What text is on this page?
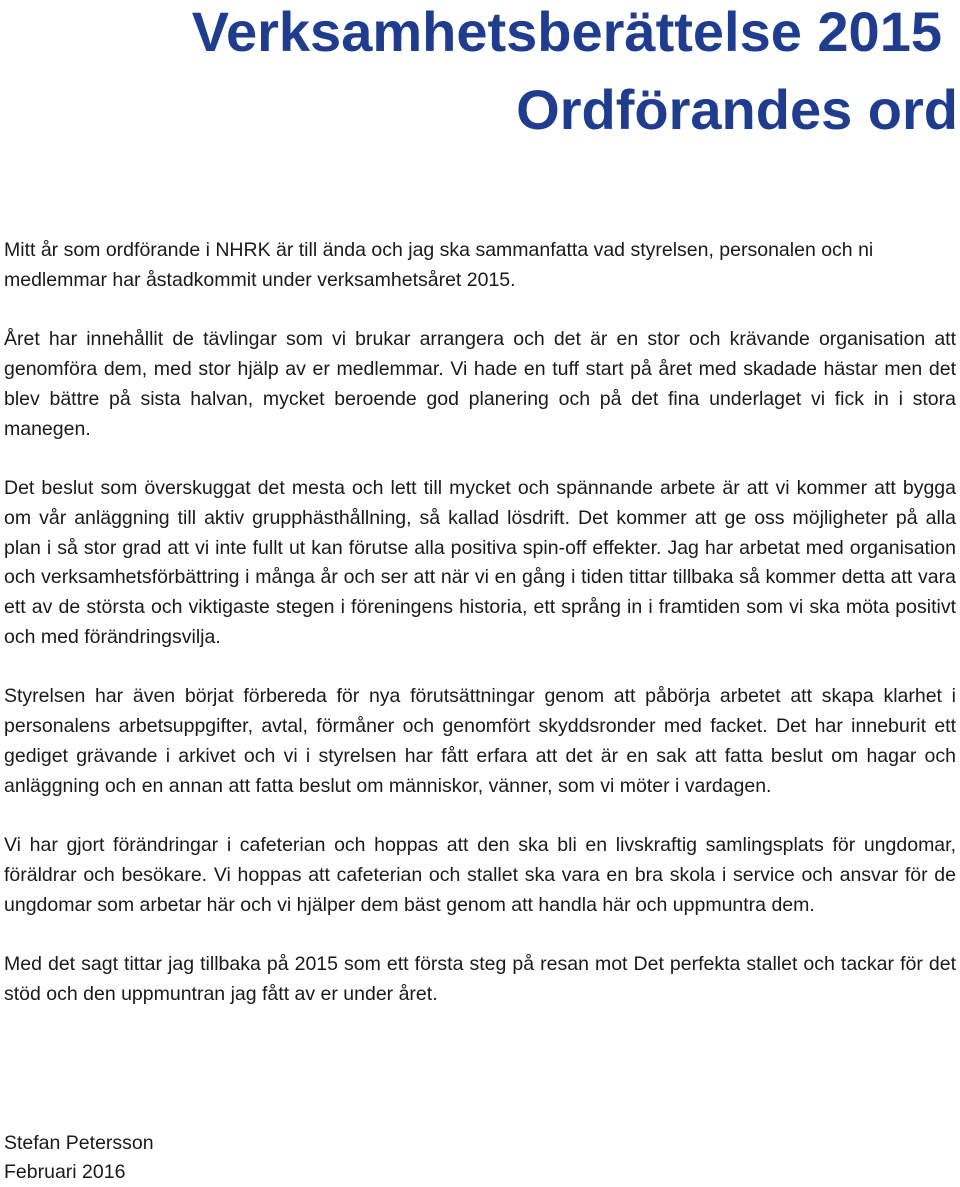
Verksamhetsberättelse 2015
Ordförandes ord

Mitt år som ordförande i NHRK är till ända och jag ska sammanfatta vad styrelsen, personalen och ni medlemmar har åstadkommit under verksamhetsåret 2015.

Året har innehållit de tävlingar som vi brukar arrangera och det är en stor och krävande organisation att genomföra dem, med stor hjälp av er medlemmar. Vi hade en tuff start på året med skadade hästar men det blev bättre på sista halvan, mycket beroende god planering och på det fina underlaget vi fick in i stora manegen.

Det beslut som överskuggat det mesta och lett till mycket och spännande arbete är att vi kommer att bygga om vår anläggning till aktiv grupphästhållning, så kallad lösdrift. Det kommer att ge oss möjligheter på alla plan i så stor grad att vi inte fullt ut kan förutse alla positiva spin-off effekter. Jag har arbetat med organisation och verksamhetsförbättring i många år och ser att när vi en gång i tiden tittar tillbaka så kommer detta att vara ett av de största och viktigaste stegen i föreningens historia, ett språng in i framtiden som vi ska möta positivt och med förändringsvilja.

Styrelsen har även börjat förbereda för nya förutsättningar genom att påbörja arbetet att skapa klarhet i personalens arbetsuppgifter, avtal, förmåner och genomfört skyddsronder med facket. Det har inneburit ett gediget grävande i arkivet och vi i styrelsen har fått erfara att det är en sak att fatta beslut om hagar och anläggning och en annan att fatta beslut om människor, vänner, som vi möter i vardagen.

Vi har gjort förändringar i cafeterian och hoppas att den ska bli en livskraftig samlingsplats för ungdomar, föräldrar och besökare. Vi hoppas att cafeterian och stallet ska vara en bra skola i service och ansvar för de ungdomar som arbetar här och vi hjälper dem bäst genom att handla här och uppmuntra dem.

Med det sagt tittar jag tillbaka på 2015 som ett första steg på resan mot Det perfekta stallet och tackar för det stöd och den uppmuntran jag fått av er under året.

Stefan Petersson
Februari 2016
